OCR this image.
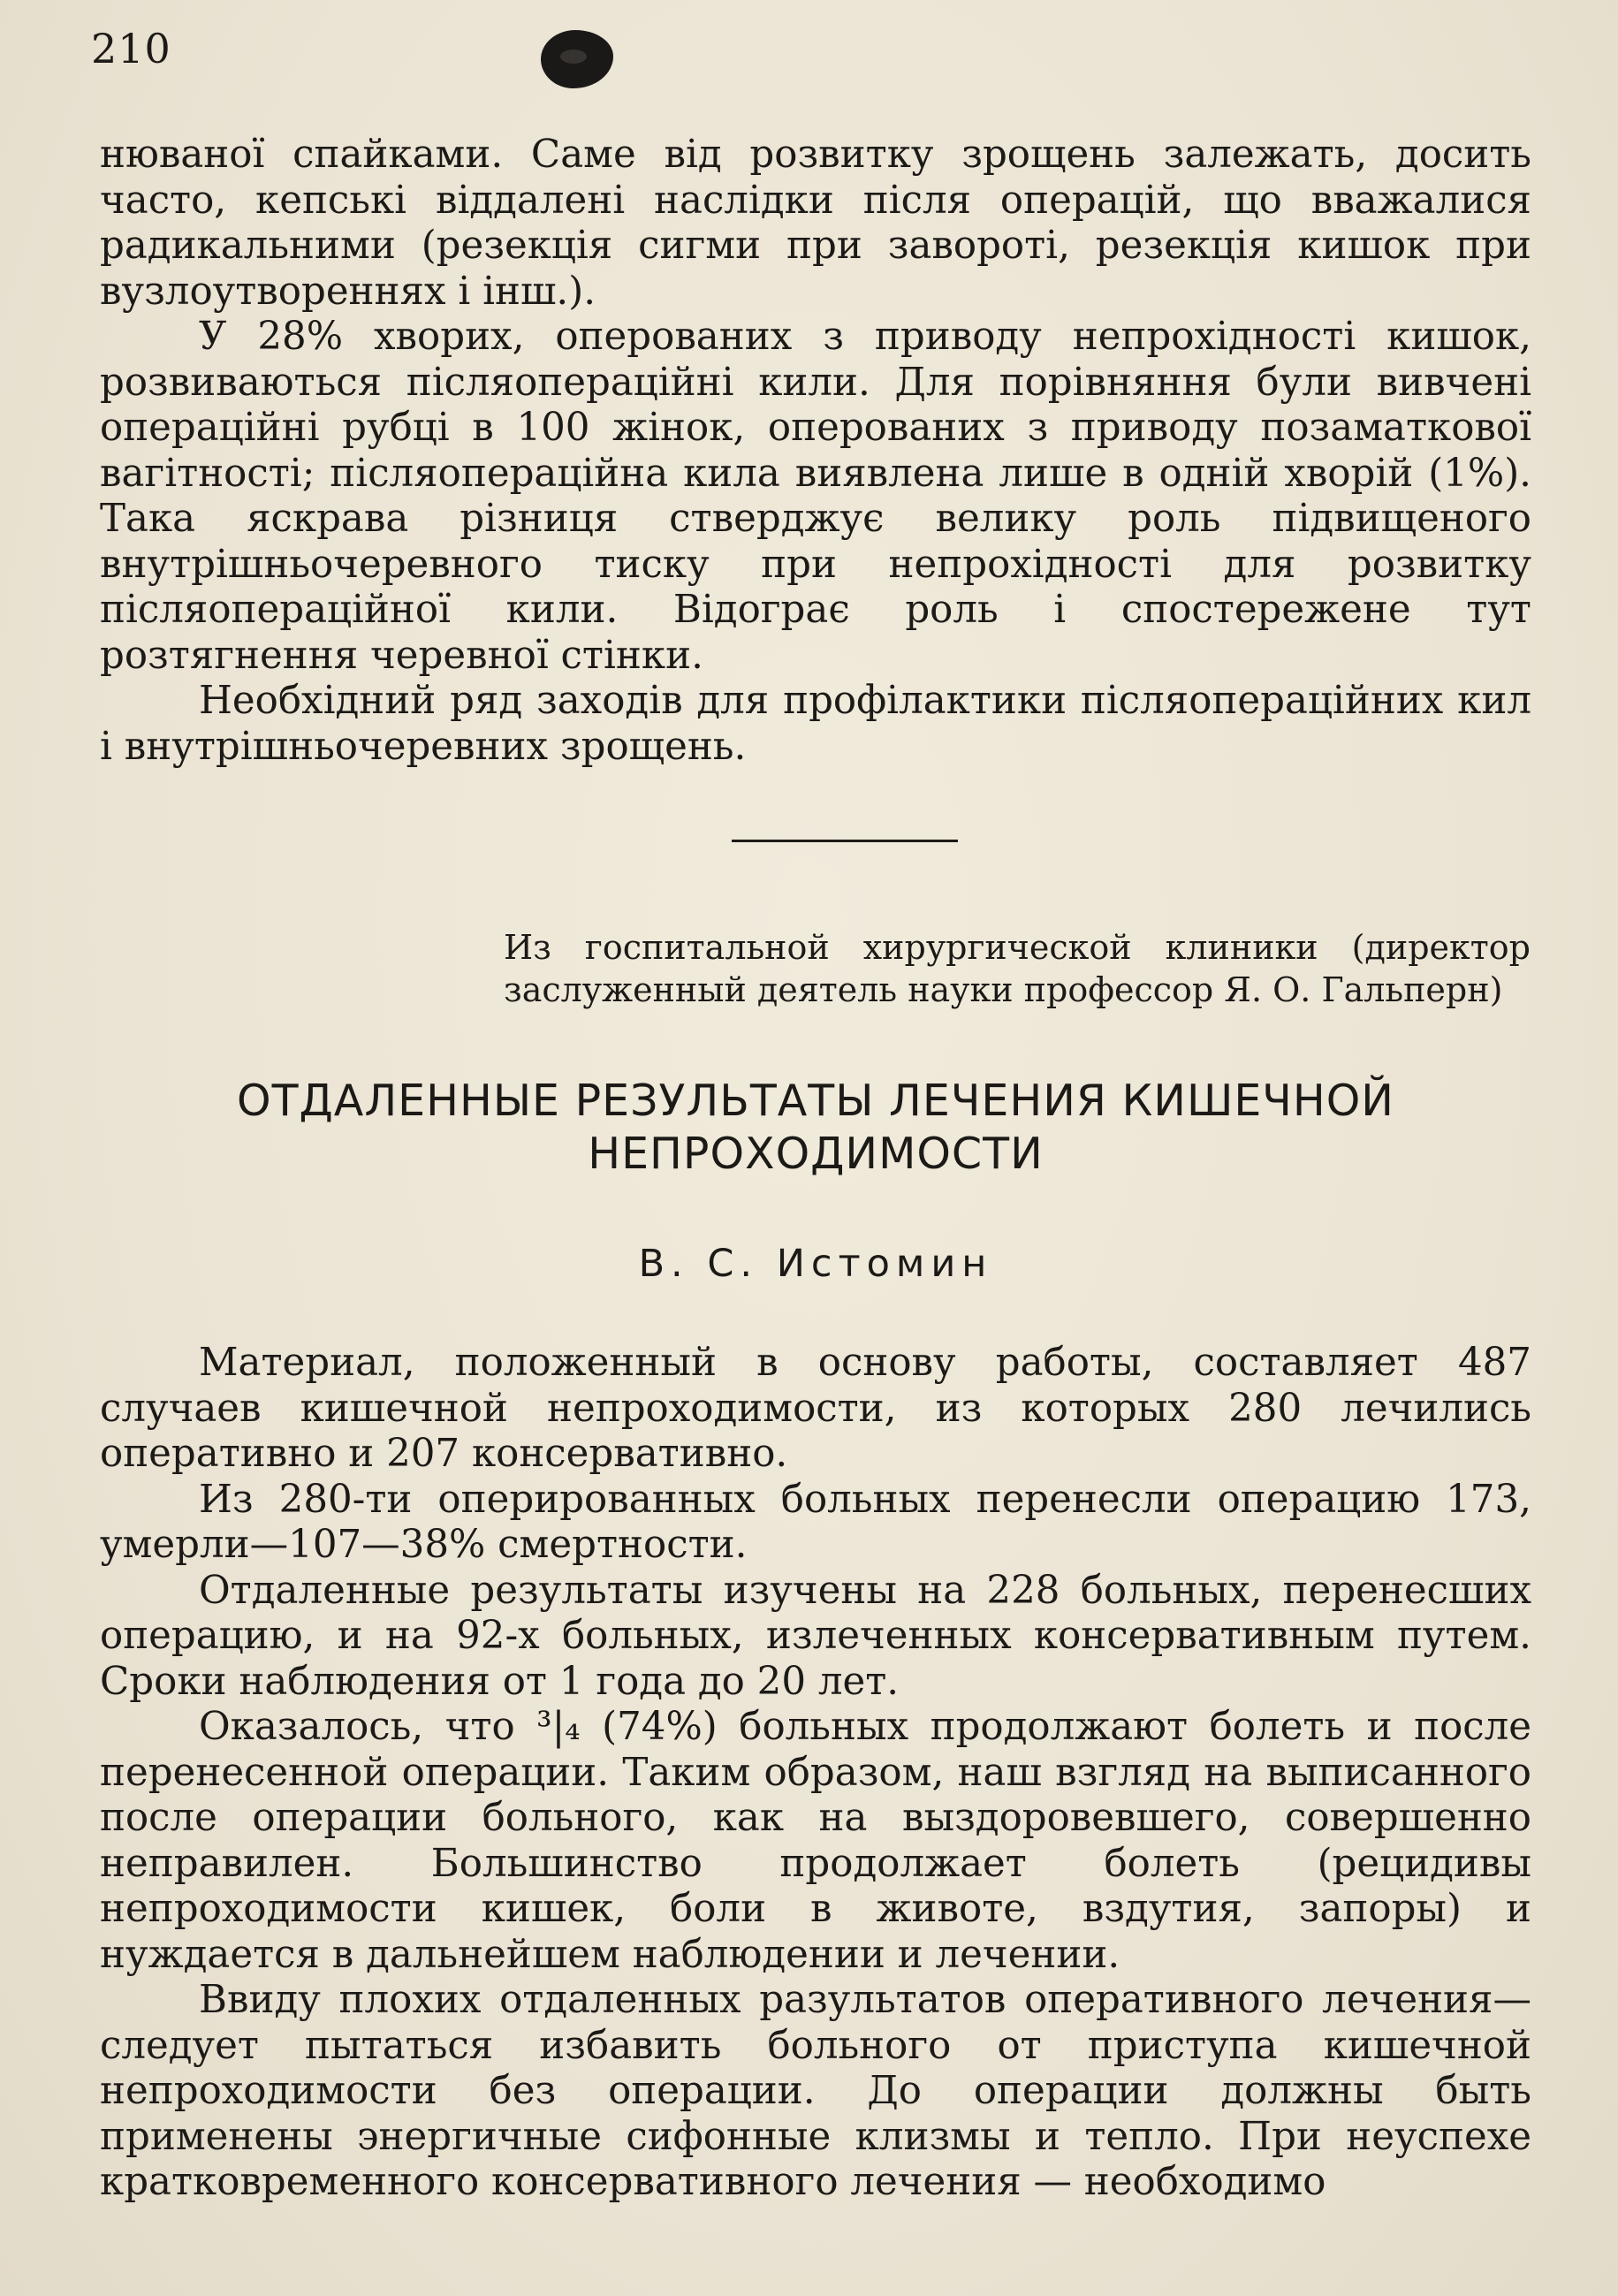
210

нюваної спайками. Саме від розвитку зрощень залежать, досить часто, кепські віддалені наслідки після операцій, що вважалися радикальними (резекція сигми при завороті, резекція кишок при вузлоутвореннях і інш.).

У 28% хворих, оперованих з приводу непрохідності кишок, розвиваються післяопераційні кили. Для порівняння були вивчені операційні рубці в 100 жінок, оперованих з приводу позаматкової вагітності; післяопераційна кила виявлена лише в одній хворій (1%). Така яскрава різниця стверджує велику роль підвищеного внутрішньочеревного тиску при непрохідності для розвитку післяопераційної кили. Відограє роль і спостережене тут розтягнення черевної стінки.

Необхідний ряд заходів для профілактики післяопераційних кил і внутрішньочеревних зрощень.

Из госпитальной хирургической клиники (директор заслуженный деятель науки профессор Я. О. Гальперн)
ОТДАЛЕННЫЕ РЕЗУЛЬТАТЫ ЛЕЧЕНИЯ КИШЕЧНОЙ
НЕПРОХОДИМОСТИ
В. С. Истомин

Материал, положенный в основу работы, составляет 487 случаев кишечной непроходимости, из которых 280 лечились оперативно и 207 консервативно.

Из 280-ти оперированных больных перенесли операцию 173, умерли—107—38% смертности.

Отдаленные результаты изучены на 228 больных, перенесших операцию, и на 92-х больных, излеченных консервативным путем. Сроки наблюдения от 1 года до 20 лет.

Оказалось, что ³|₄ (74%) больных продолжают болеть и после перенесенной операции. Таким образом, наш взгляд на выписанного после операции больного, как на выздоровевшего, совершенно неправилен. Большинство продолжает болеть (рецидивы непроходимости кишек, боли в животе, вздутия, запоры) и нуждается в дальнейшем наблюдении и лечении.

Ввиду плохих отдаленных разультатов оперативного лечения—следует пытаться избавить больного от приступа кишечной непроходимости без операции. До операции должны быть применены энергичные сифонные клизмы и тепло. При неуспехе кратковременного консервативного лечения — необходимо
